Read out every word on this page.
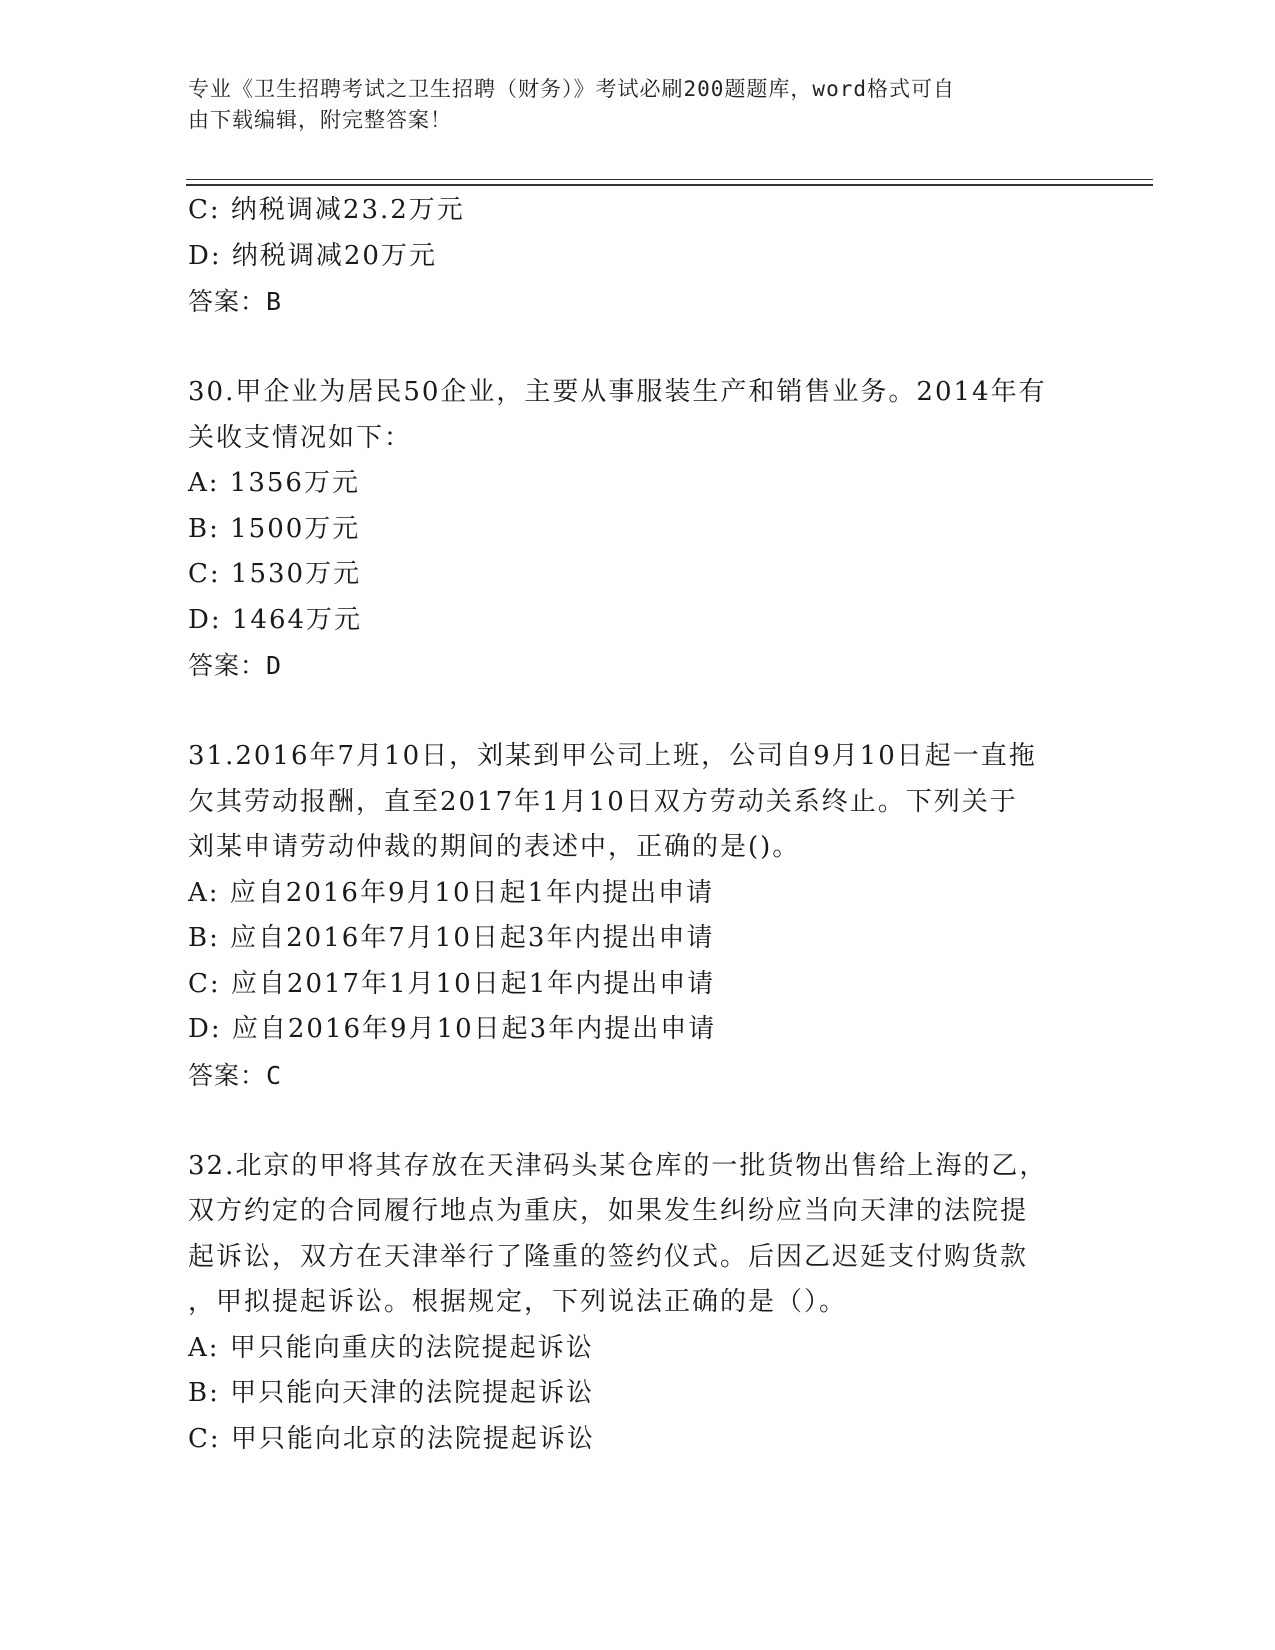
专业《卫生招聘考试之卫生招聘（财务）》考试必刷200题题库，word格式可自
由下载编辑，附完整答案！
C: 纳税调减23.2万元
D: 纳税调减20万元
答案：B
30.甲企业为居民50企业，主要从事服装生产和销售业务。2014年有
关收支情况如下：
A: 1356万元
B: 1500万元
C: 1530万元
D: 1464万元
答案：D
31.2016年7月10日，刘某到甲公司上班，公司自9月10日起一直拖
欠其劳动报酬，直至2017年1月10日双方劳动关系终止。下列关于
刘某申请劳动仲裁的期间的表述中，正确的是()。
A: 应自2016年9月10日起1年内提出申请
B: 应自2016年7月10日起3年内提出申请
C: 应自2017年1月10日起1年内提出申请
D: 应自2016年9月10日起3年内提出申请
答案：C
32.北京的甲将其存放在天津码头某仓库的一批货物出售给上海的乙，
双方约定的合同履行地点为重庆，如果发生纠纷应当向天津的法院提
起诉讼，双方在天津举行了隆重的签约仪式。后因乙迟延支付购货款
，甲拟提起诉讼。根据规定，下列说法正确的是（）。
A: 甲只能向重庆的法院提起诉讼
B: 甲只能向天津的法院提起诉讼
C: 甲只能向北京的法院提起诉讼
